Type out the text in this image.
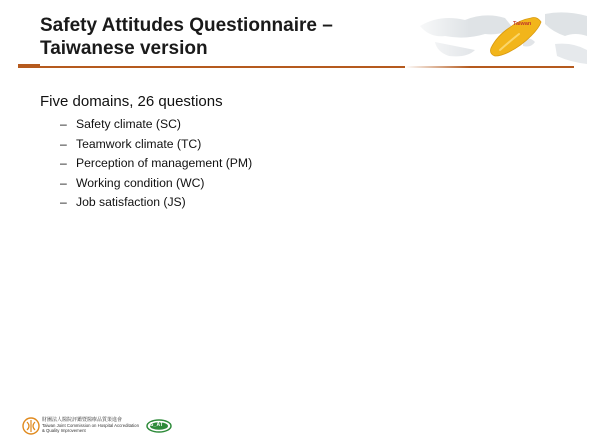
Safety Attitudes Questionnaire –
Taiwanese version
Taiwan

Five domains, 26 questions

– Safety climate (SC)
– Teamwork climate (TC)
– Perception of management (PM)
– Working condition (WC)
– Job satisfaction (JS)
財團法人醫院評鑑暨醫療品質策進會
Taiwan Joint Commission on Hospital Accreditation
& Quality Improvement
S_AT
